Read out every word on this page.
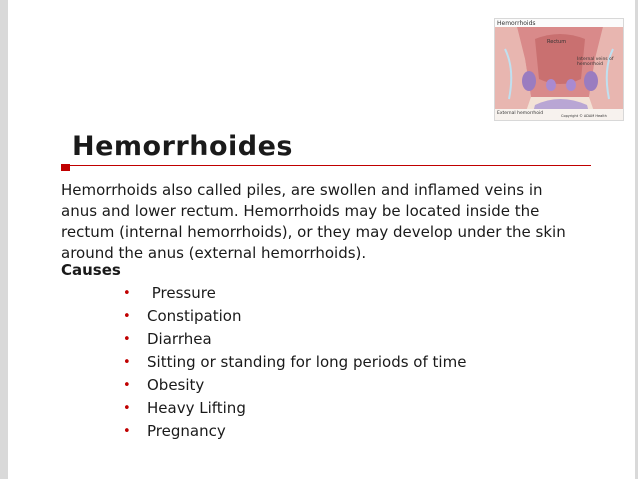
Hemorrhoids
Rectum
Internal veins of hemorrhoid
External hemorrhoid	Copyright © ADAM Health
Hemorrhoides
Hemorrhoids also called piles, are swollen and inflamed veins in anus and lower rectum. Hemorrhoids may be located inside the rectum (internal hemorrhoids), or they may develop under the skin around the anus (external hemorrhoids).
Causes
• Pressure
• Constipation
• Diarrhea
• Sitting or standing for long periods of time
• Obesity
• Heavy Lifting
• Pregnancy
